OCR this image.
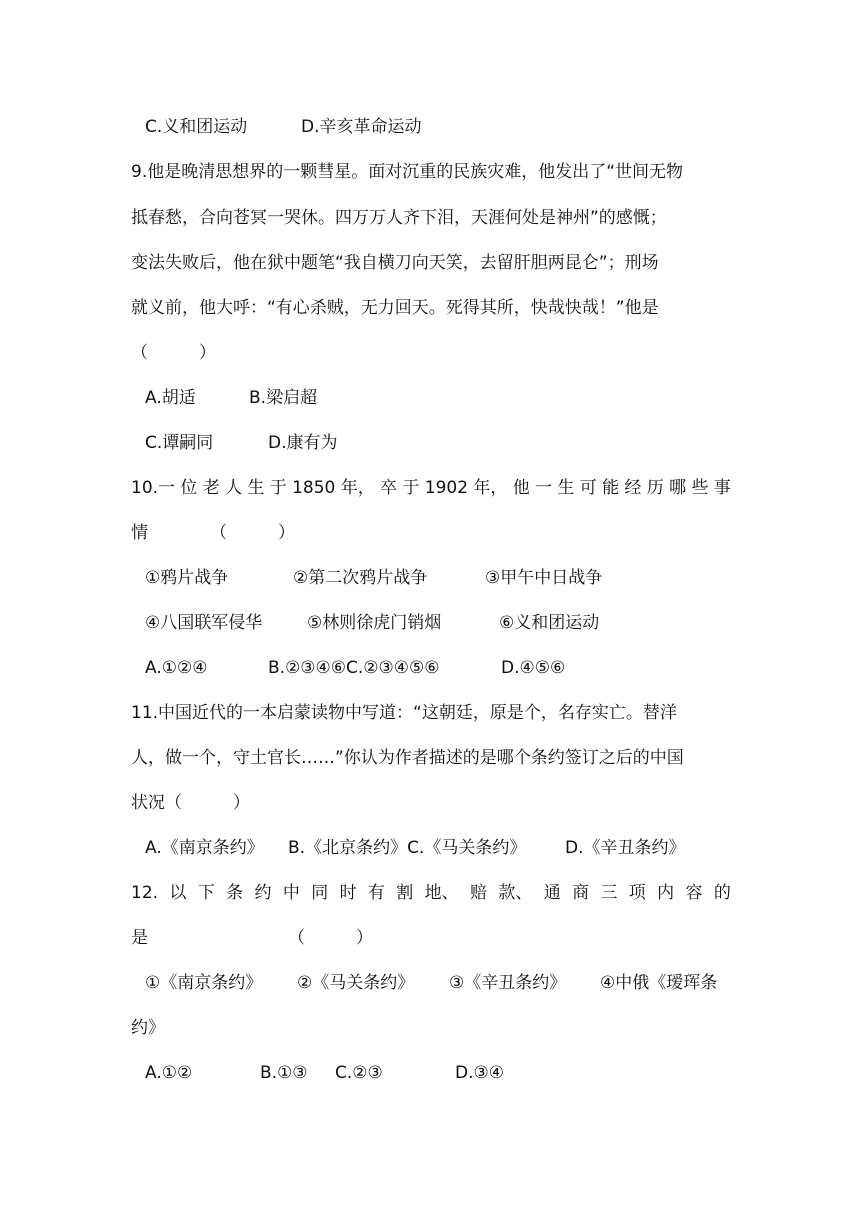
C.义和团运动	D.辛亥革命运动
9.他是晚清思想界的一颗彗星。面对沉重的民族灾难，他发出了“世间无物
抵春愁，合向苍冥一哭休。四万万人齐下泪，天涯何处是神州”的感慨；
变法失败后，他在狱中题笔“我自横刀向天笑，去留肝胆两昆仑”；刑场
就义前，他大呼：“有心杀贼，无力回天。死得其所，快哉快哉！”他是
（　　　）
A.胡适	B.梁启超
C.谭嗣同	D.康有为
10.一 位 老 人 生 于 1850 年， 卒 于 1902 年， 他 一 生 可 能 经 历 哪 些 事
情	（　　　）
①鸦片战争	②第二次鸦片战争	③甲午中日战争
④八国联军侵华	⑤林则徐虎门销烟	⑥义和团运动
A.①②④	B.②③④⑥C.②③④⑤⑥	D.④⑤⑥
11.中国近代的一本启蒙读物中写道：“这朝廷，原是个，名存实亡。替洋
人，做一个，守土官长……”你认为作者描述的是哪个条约签订之后的中国
状况（　　　）
A.《南京条约》 B.《北京条约》C.《马关条约》 D.《辛丑条约》
12. 以 下 条 约 中 同 时 有 割 地、 赔 款、 通 商 三 项 内 容 的
是	（　　　）
①《南京条约》 ②《马关条约》 ③《辛丑条约》 ④中俄《瑷珲条
约》
A.①②	B.①③ C.②③	D.③④
